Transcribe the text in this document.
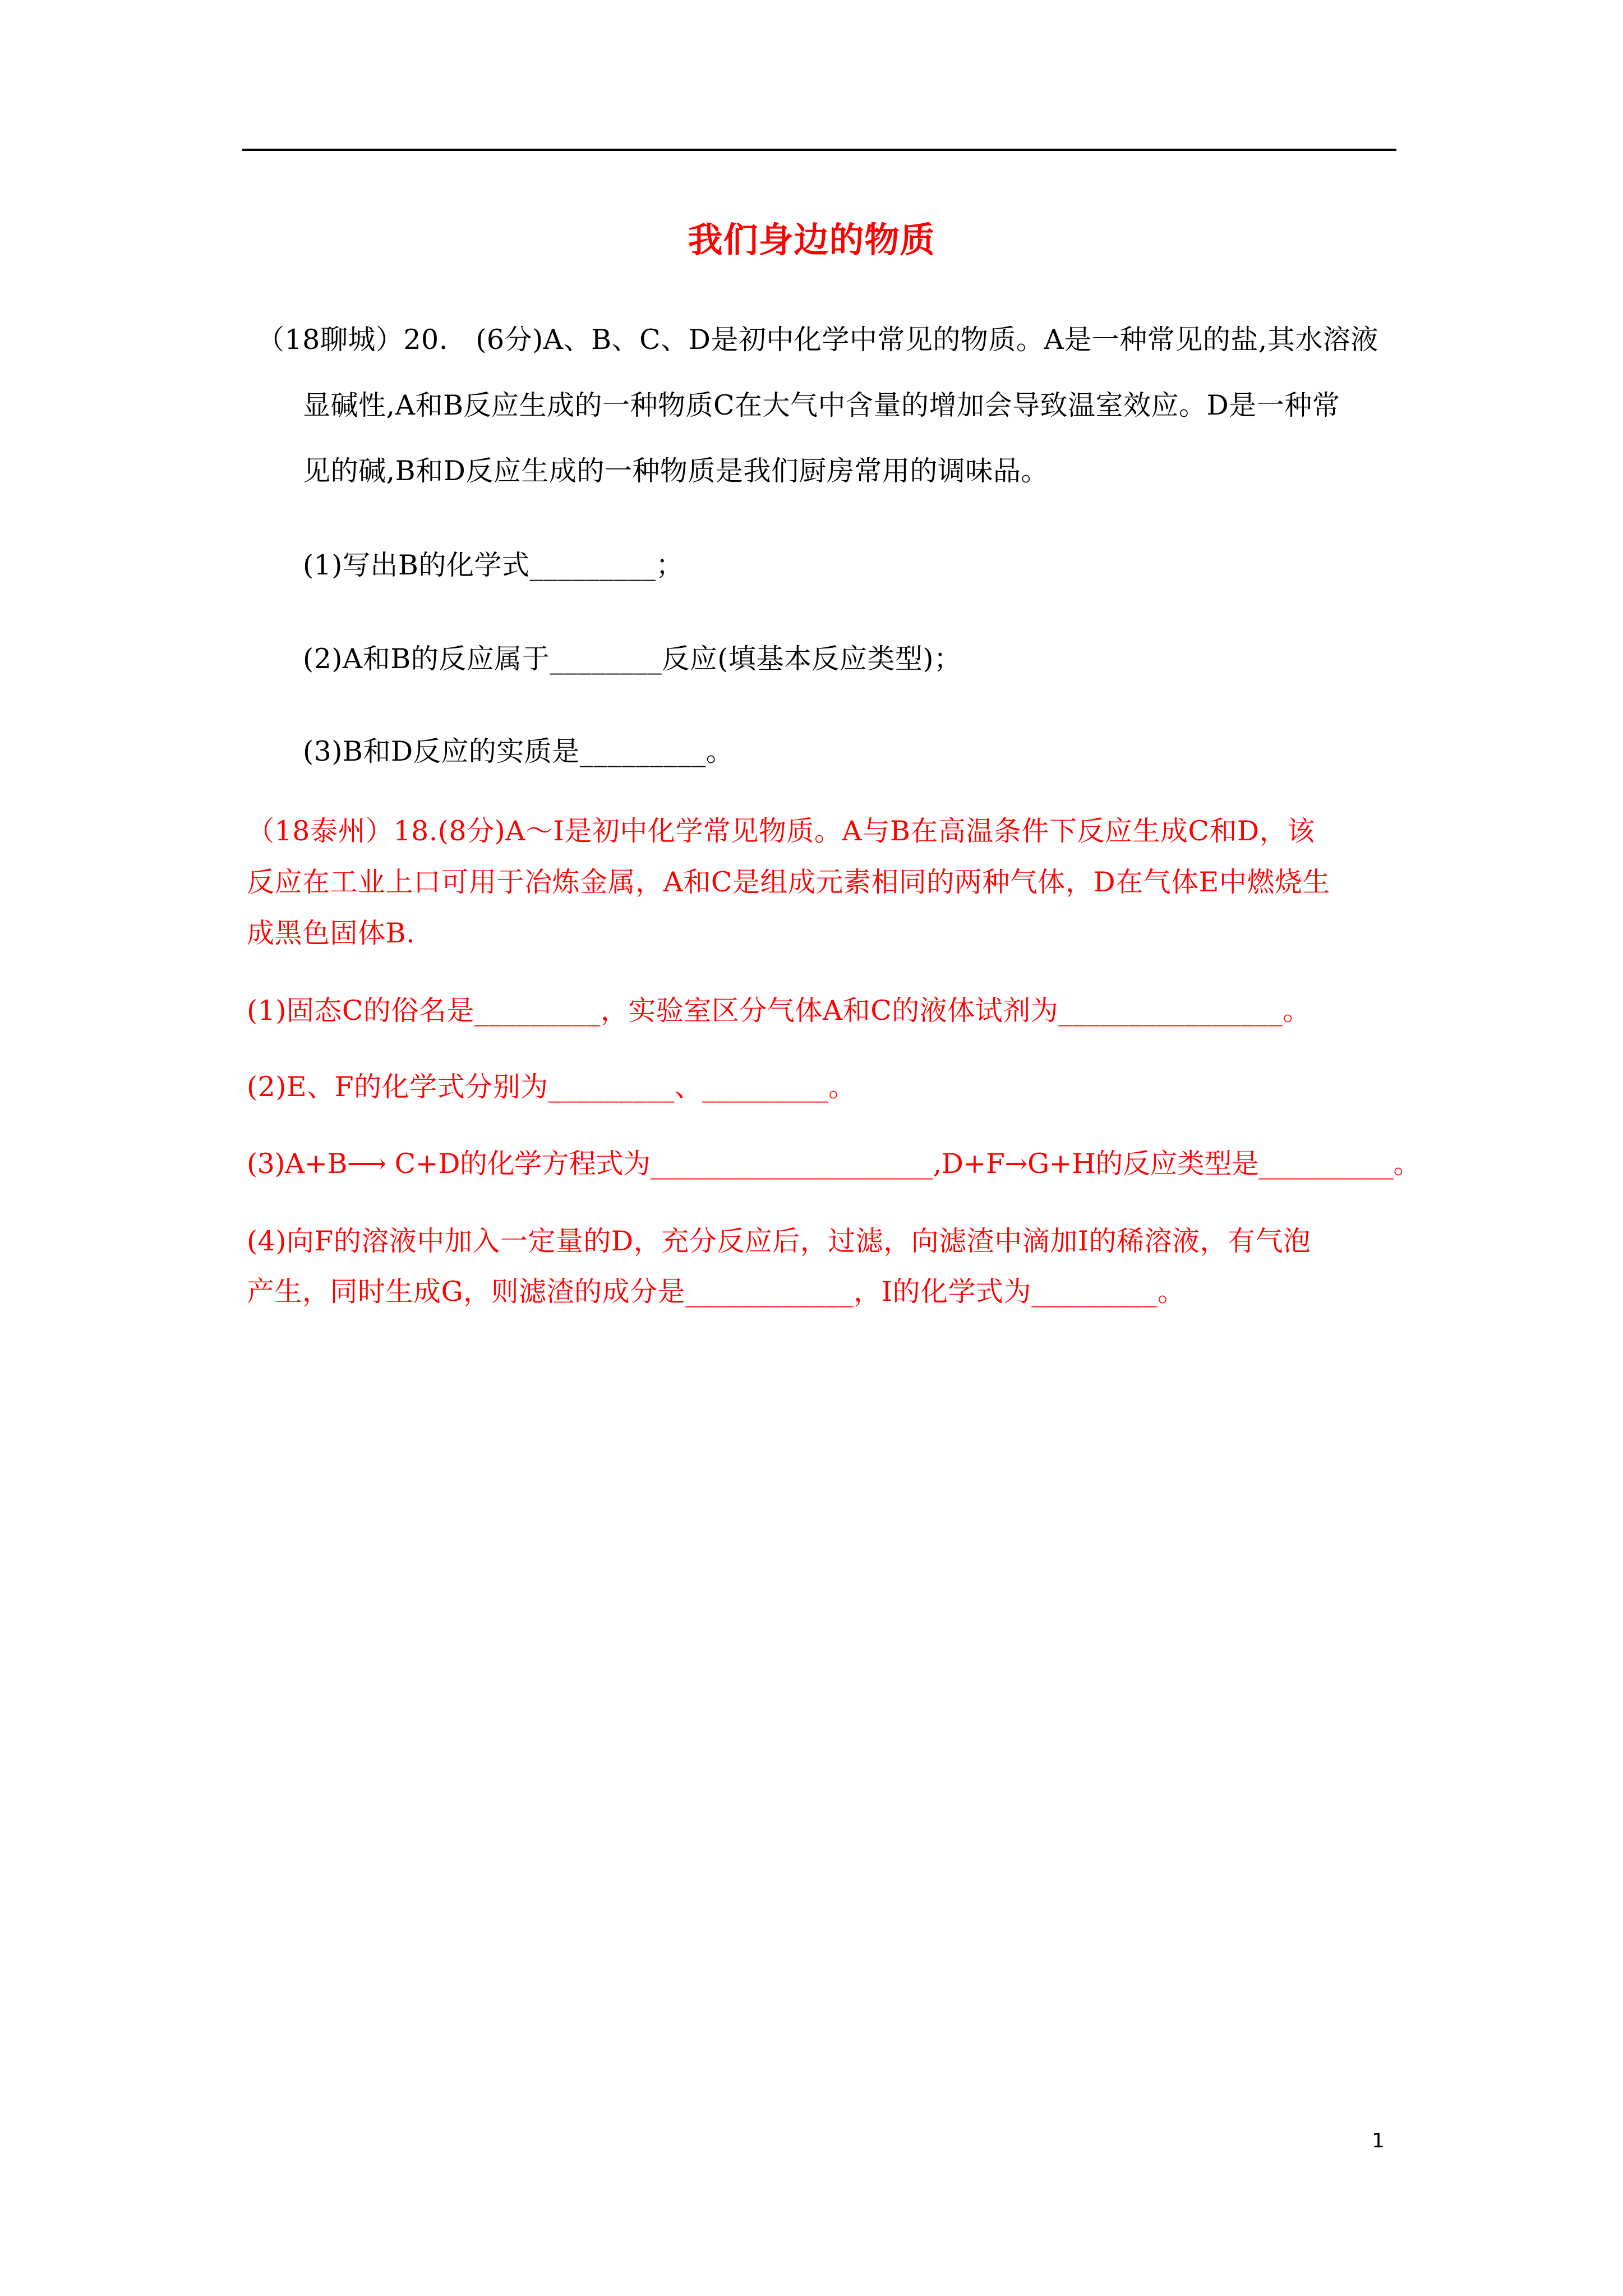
我们身边的物质
（18聊城）20.　(6分)A、B、C、D是初中化学中常见的物质。A是一种常见的盐,其水溶液
显碱性,A和B反应生成的一种物质C在大气中含量的增加会导致温室效应。D是一种常
见的碱,B和D反应生成的一种物质是我们厨房常用的调味品。
(1)写出B的化学式_________；
(2)A和B的反应属于________反应(填基本反应类型)；
(3)B和D反应的实质是_________。
（18泰州）18.(8分)A～I是初中化学常见物质。A与B在高温条件下反应生成C和D，该
反应在工业上口可用于冶炼金属，A和C是组成元素相同的两种气体，D在气体E中燃烧生
成黑色固体B.
(1)固态C的俗名是_________，实验室区分气体A和C的液体试剂为________________。
(2)E、F的化学式分别为_________、_________。
(3)A+B⟶ C+D的化学方程式为_____________________,D+F→G+H的反应类型是__________。
(4)向F的溶液中加入一定量的D，充分反应后，过滤，向滤渣中滴加I的稀溶液，有气泡
产生，同时生成G，则滤渣的成分是____________，I的化学式为_________。
1
